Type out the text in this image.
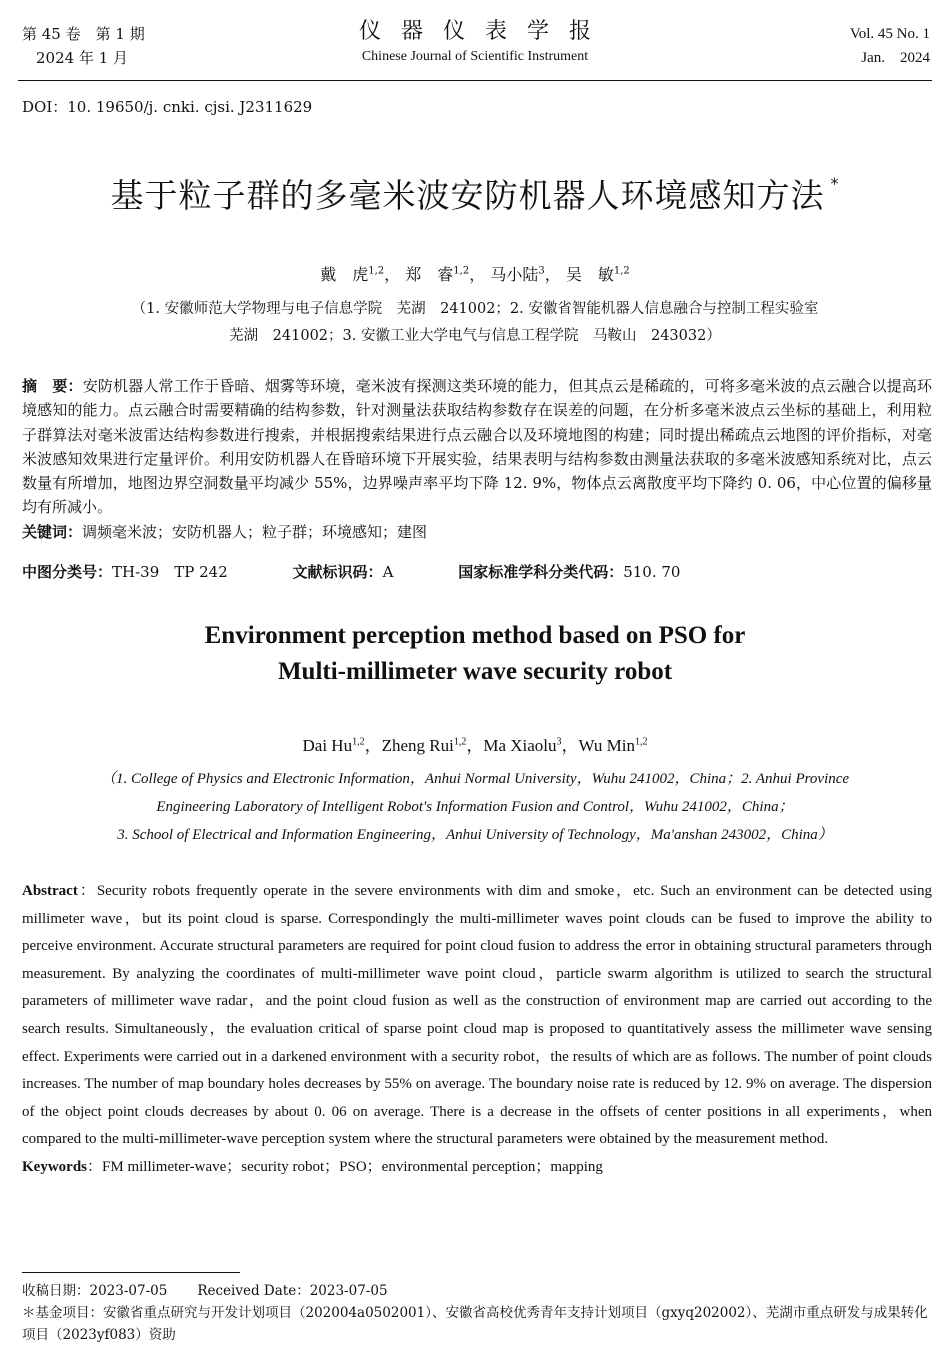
第 45 卷　第 1 期
2024 年 1 月
仪器仪表学报
Chinese Journal of Scientific Instrument
Vol. 45 No. 1
Jan.　2024
DOI：10. 19650/j. cnki. cjsi. J2311629
基于粒子群的多毫米波安防机器人环境感知方法 *
戴　虎$^{1,2}$， 郑　睿$^{1,2}$， 马小陆$^3$， 吴　敏$^{1,2}$
（1. 安徽师范大学物理与电子信息学院　芜湖　241002；2. 安徽省智能机器人信息融合与控制工程实验室
芜湖　241002；3. 安徽工业大学电气与信息工程学院　马鞍山　243032）

摘　要：安防机器人常工作于昏暗、烟雾等环境，毫米波有探测这类环境的能力，但其点云是稀疏的，可将多毫米波的点云融合以提高环境感知的能力。点云融合时需要精确的结构参数，针对测量法获取结构参数存在误差的问题，在分析多毫米波点云坐标的基础上，利用粒子群算法对毫米波雷达结构参数进行搜索，并根据搜索结果进行点云融合以及环境地图的构建；同时提出稀疏点云地图的评价指标，对毫米波感知效果进行定量评价。利用安防机器人在昏暗环境下开展实验，结果表明与结构参数由测量法获取的多毫米波感知系统对比，点云数量有所增加，地图边界空洞数量平均减少 55%，边界噪声率平均下降 12. 9%，物体点云离散度平均下降约 0. 06，中心位置的偏移量均有所减小。

关键词：调频毫米波；安防机器人；粒子群；环境感知；建图

中图分类号：TH-39　TP 242	文献标识码：A	国家标准学科分类代码：510. 70
Environment perception method based on PSO for
Multi-millimeter wave security robot
Dai Hu$^{1,2}$，Zheng Rui$^{1,2}$，Ma Xiaolu$^3$，Wu Min$^{1,2}$
（1. College of Physics and Electronic Information，Anhui Normal University，Wuhu 241002，China；2. Anhui Province
Engineering Laboratory of Intelligent Robot's Information Fusion and Control，Wuhu 241002，China；
3. School of Electrical and Information Engineering，Anhui University of Technology，Ma'anshan 243002，China）

Abstract：Security robots frequently operate in the severe environments with dim and smoke，etc. Such an environment can be detected using millimeter wave，but its point cloud is sparse. Correspondingly the multi-millimeter waves point clouds can be fused to improve the ability to perceive environment. Accurate structural parameters are required for point cloud fusion to address the error in obtaining structural parameters through measurement. By analyzing the coordinates of multi-millimeter wave point cloud，particle swarm algorithm is utilized to search the structural parameters of millimeter wave radar，and the point cloud fusion as well as the construction of environment map are carried out according to the search results. Simultaneously，the evaluation critical of sparse point cloud map is proposed to quantitatively assess the millimeter wave sensing effect. Experiments were carried out in a darkened environment with a security robot，the results of which are as follows. The number of point clouds increases. The number of map boundary holes decreases by 55% on average. The boundary noise rate is reduced by 12. 9% on average. The dispersion of the object point clouds decreases by about 0. 06 on average. There is a decrease in the offsets of center positions in all experiments，when compared to the multi-millimeter-wave perception system where the structural parameters were obtained by the measurement method.

Keywords：FM millimeter-wave；security robot；PSO；environmental perception；mapping

收稿日期：2023-07-05 Received Date：2023-07-05

＊基金项目：安徽省重点研究与开发计划项目（202004a0502001）、安徽省高校优秀青年支持计划项目（gxyq202002）、芜湖市重点研发与成果转化项目（2023yf083）资助
